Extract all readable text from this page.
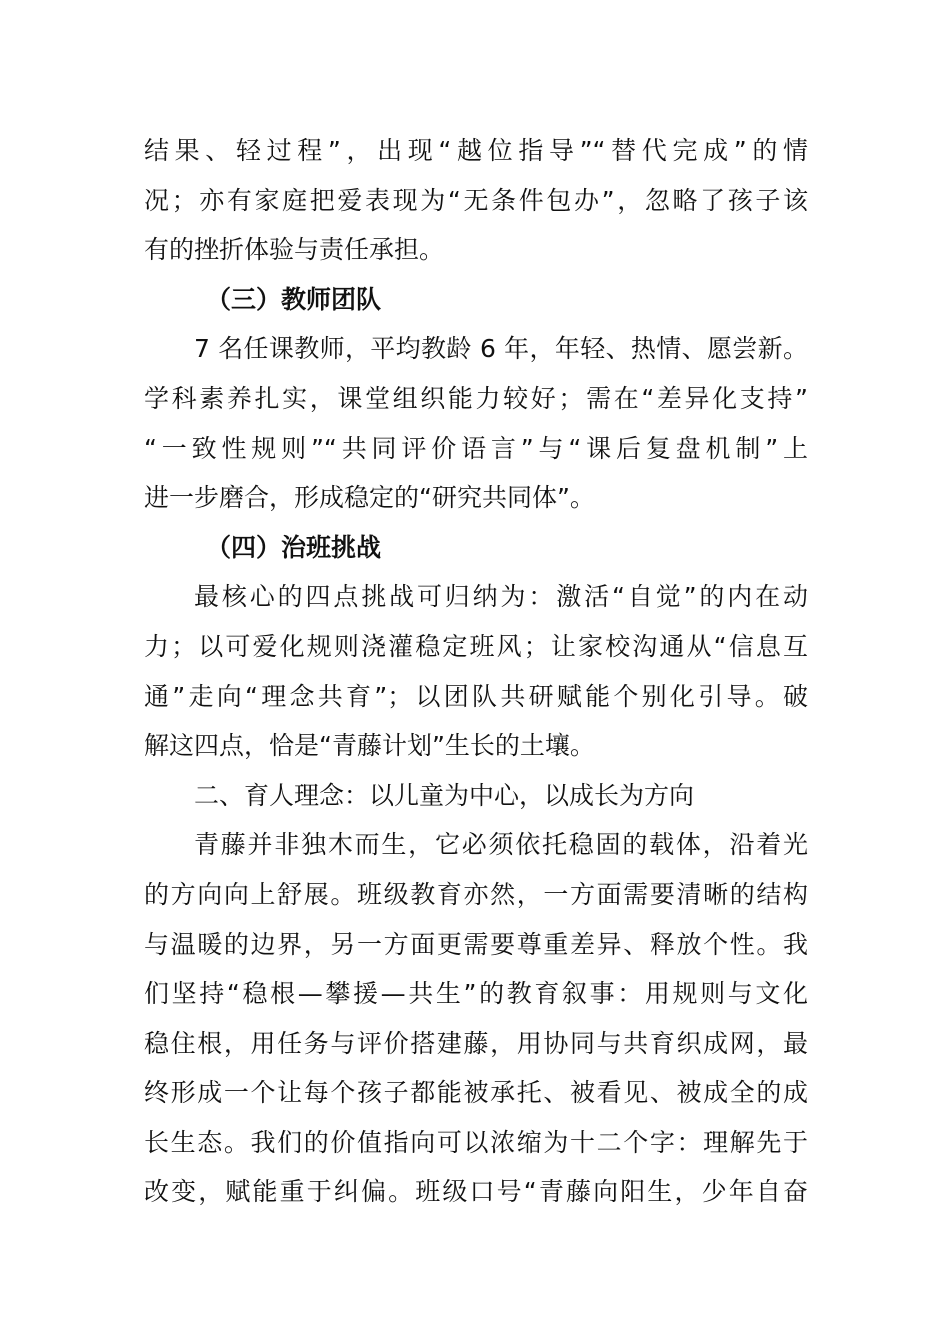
结果、轻过程”，出现“越位指导”“替代完成”的情
况；亦有家庭把爱表现为“无条件包办”，忽略了孩子该
有的挫折体验与责任承担。
（三）教师团队
7 名任课教师，平均教龄 6 年，年轻、热情、愿尝新。
学科素养扎实，课堂组织能力较好；需在“差异化支持”
“一致性规则”“共同评价语言”与“课后复盘机制”上
进一步磨合，形成稳定的“研究共同体”。
（四）治班挑战
最核心的四点挑战可归纳为：激活“自觉”的内在动
力；以可爱化规则浇灌稳定班风；让家校沟通从“信息互
通”走向“理念共育”；以团队共研赋能个别化引导。破
解这四点，恰是“青藤计划”生长的土壤。
二、育人理念：以儿童为中心，以成长为方向
青藤并非独木而生，它必须依托稳固的载体，沿着光
的方向向上舒展。班级教育亦然，一方面需要清晰的结构
与温暖的边界，另一方面更需要尊重差异、释放个性。我
们坚持“稳根—攀援—共生”的教育叙事：用规则与文化
稳住根，用任务与评价搭建藤，用协同与共育织成网，最
终形成一个让每个孩子都能被承托、被看见、被成全的成
长生态。我们的价值指向可以浓缩为十二个字：理解先于
改变，赋能重于纠偏。班级口号“青藤向阳生，少年自奋
